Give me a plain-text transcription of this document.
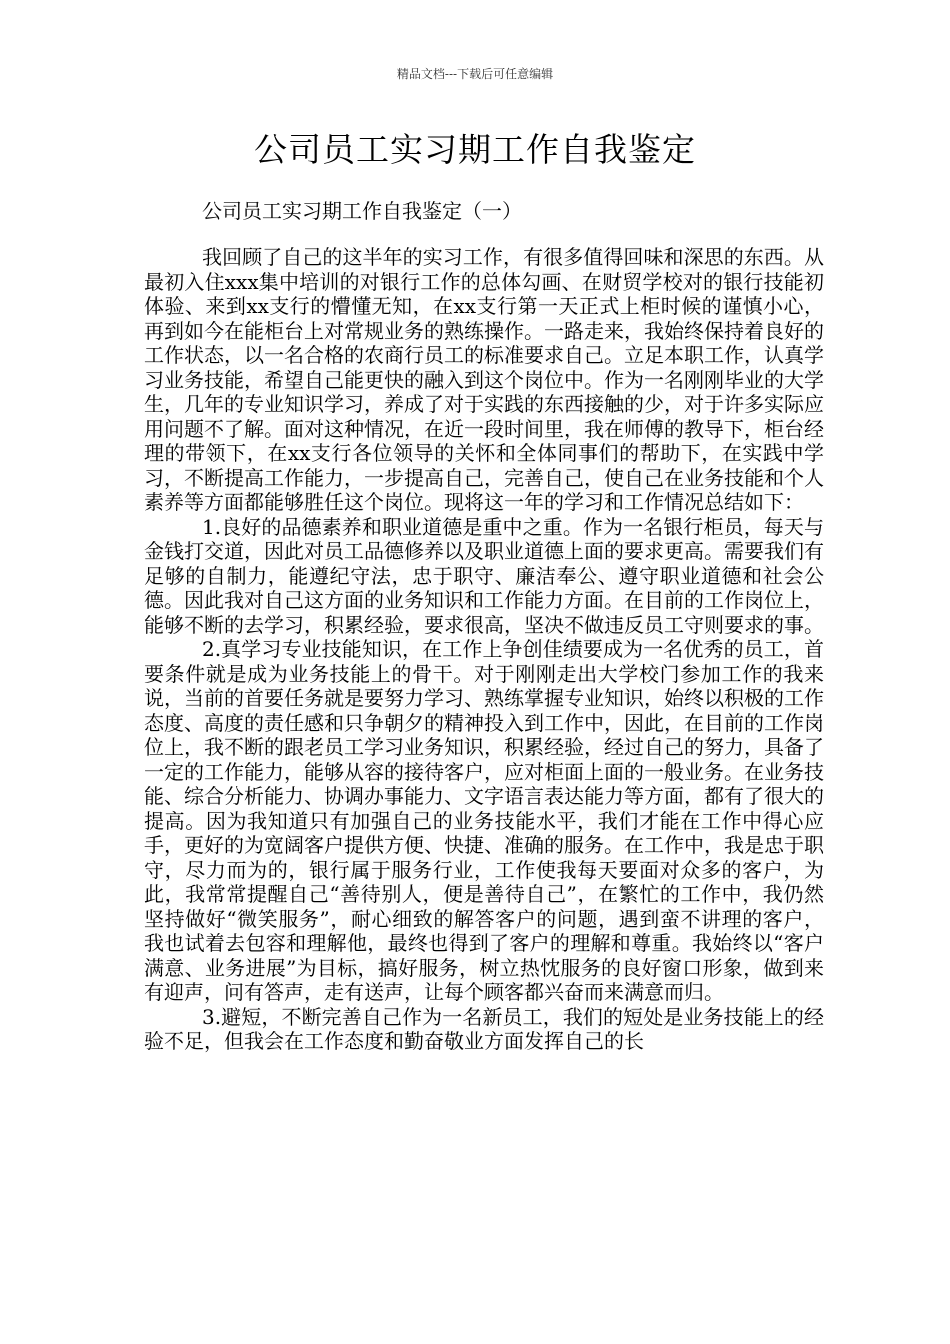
精品文档---下载后可任意编辑
公司员工实习期工作自我鉴定
公司员工实习期工作自我鉴定（一）

我回顾了自己的这半年的实习工作，有很多值得回味和深思的东西。从最初入住xxx集中培训的对银行工作的总体勾画、在财贸学校对的银行技能初体验、来到xx支行的懵懂无知，在xx支行第一天正式上柜时候的谨慎小心，再到如今在能柜台上对常规业务的熟练操作。一路走来，我始终保持着良好的工作状态，以一名合格的农商行员工的标准要求自己。立足本职工作，认真学习业务技能，希望自己能更快的融入到这个岗位中。作为一名刚刚毕业的大学生，几年的专业知识学习，养成了对于实践的东西接触的少，对于许多实际应用问题不了解。面对这种情况，在近一段时间里，我在师傅的教导下，柜台经理的带领下，在xx支行各位领导的关怀和全体同事们的帮助下，在实践中学习，不断提高工作能力，一步提高自己，完善自己，使自己在业务技能和个人素养等方面都能够胜任这个岗位。现将这一年的学习和工作情况总结如下：

1.良好的品德素养和职业道德是重中之重。作为一名银行柜员，每天与金钱打交道，因此对员工品德修养以及职业道德上面的要求更高。需要我们有足够的自制力，能遵纪守法，忠于职守、廉洁奉公、遵守职业道德和社会公德。因此我对自己这方面的业务知识和工作能力方面。在目前的工作岗位上，能够不断的去学习，积累经验，要求很高，坚决不做违反员工守则要求的事。

2.真学习专业技能知识，在工作上争创佳绩要成为一名优秀的员工，首要条件就是成为业务技能上的骨干。对于刚刚走出大学校门参加工作的我来说，当前的首要任务就是要努力学习、熟练掌握专业知识，始终以积极的工作态度、高度的责任感和只争朝夕的精神投入到工作中，因此，在目前的工作岗位上，我不断的跟老员工学习业务知识，积累经验，经过自己的努力，具备了一定的工作能力，能够从容的接待客户，应对柜面上面的一般业务。在业务技能、综合分析能力、协调办事能力、文字语言表达能力等方面，都有了很大的提高。因为我知道只有加强自己的业务技能水平，我们才能在工作中得心应手，更好的为宽阔客户提供方便、快捷、准确的服务。在工作中，我是忠于职守，尽力而为的，银行属于服务行业，工作使我每天要面对众多的客户，为此，我常常提醒自己“善待别人，便是善待自己”，在繁忙的工作中，我仍然坚持做好“微笑服务”，耐心细致的解答客户的问题，遇到蛮不讲理的客户，我也试着去包容和理解他，最终也得到了客户的理解和尊重。我始终以“客户满意、业务进展”为目标，搞好服务，树立热忱服务的良好窗口形象，做到来有迎声，问有答声，走有送声，让每个顾客都兴奋而来满意而归。

3.避短，不断完善自己作为一名新员工，我们的短处是业务技能上的经验不足，但我会在工作态度和勤奋敬业方面发挥自己的长
